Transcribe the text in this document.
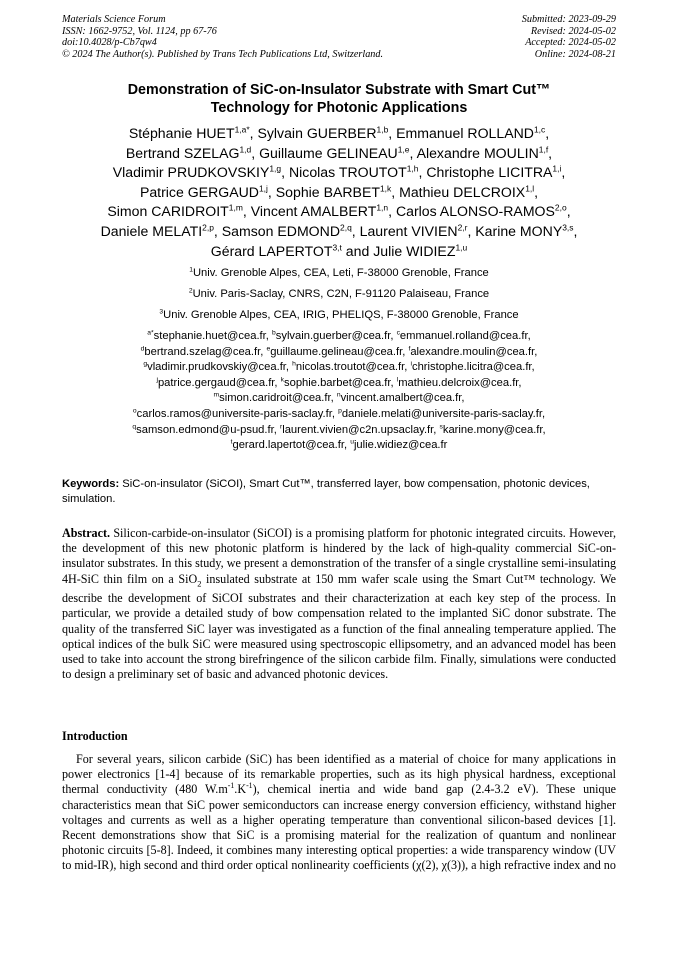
Materials Science Forum
ISSN: 1662-9752, Vol. 1124, pp 67-76
doi:10.4028/p-Cb7qw4
© 2024 The Author(s). Published by Trans Tech Publications Ltd, Switzerland.
Submitted: 2023-09-29
Revised: 2024-05-02
Accepted: 2024-05-02
Online: 2024-08-21
Demonstration of SiC-on-Insulator Substrate with Smart Cut™
Technology for Photonic Applications
Stéphanie $HUET^{1,a*}$, Sylvain GUERBER$^{1,b}$, Emmanuel ROLLAND$^{1,c}$,
Bertrand SZELAG$^{1,d}$, Guillaume GELINEAU$^{1,e}$, Alexandre MOULIN$^{1,f}$,
Vladimir PRUDKOVSKIY$^{1,g}$, Nicolas TROUTOT$^{1,h}$, Christophe LICITRA$^{1,i}$,
Patrice GERGAUD$^{1,j}$, Sophie BARBET$^{1,k}$, Mathieu DELCROIX$^{1,l}$,
Simon CARIDROIT$^{1,m}$, Vincent AMALBERT$^{1,n}$, Carlos ALONSO-RAMOS$^{2,o}$,
Daniele MELATI$^{2,p}$, Samson EDMOND$^{2,q}$, Laurent VIVIEN$^{2,r}$, Karine MONY$^{3,s}$,
Gérard LAPERTOT$^{3,t}$ and Julie WIDIEZ$^{1,u}$
$^1$Univ. Grenoble Alpes, CEA, Leti, F-38000 Grenoble, France
$^2$Univ. Paris-Saclay, CNRS, C2N, F-91120 Palaiseau, France
$^3$Univ. Grenoble Alpes, CEA, IRIG, PHELIQS, F-38000 Grenoble, France
$^{a*}$stephanie.huet@cea.fr, $^b$sylvain.guerber@cea.fr, $^c$emmanuel.rolland@cea.fr,
$^d$bertrand.szelag@cea.fr, $^e$guillaume.gelineau@cea.fr, $^f$alexandre.moulin@cea.fr,
$^g$vladimir.prudkovskiy@cea.fr, $^h$nicolas.troutot@cea.fr, $^i$christophe.licitra@cea.fr,
$^j$patrice.gergaud@cea.fr, $^k$sophie.barbet@cea.fr, $^l$mathieu.delcroix@cea.fr,
$^m$simon.caridroit@cea.fr, $^n$vincent.amalbert@cea.fr,
$^o$carlos.ramos@universite-paris-saclay.fr, $^p$daniele.melati@universite-paris-saclay.fr,
$^q$samson.edmond@u-psud.fr, $^r$laurent.vivien@c2n.upsaclay.fr, $^s$karine.mony@cea.fr,
$^t$gerard.lapertot@cea.fr, $^u$julie.widiez@cea.fr
Keywords: SiC-on-insulator (SiCOI), Smart Cut™, transferred layer, bow compensation, photonic devices, simulation.
Abstract. Silicon-carbide-on-insulator (SiCOI) is a promising platform for photonic integrated circuits. However, the development of this new photonic platform is hindered by the lack of high-quality commercial SiC-on-insulator substrates. In this study, we present a demonstration of the transfer of a single crystalline semi-insulating 4H-SiC thin film on a SiO$_2$ insulated substrate at 150 mm wafer scale using the Smart Cut™ technology. We describe the development of SiCOI substrates and their characterization at each key step of the process. In particular, we provide a detailed study of bow compensation related to the implanted SiC donor substrate. The quality of the transferred SiC layer was investigated as a function of the final annealing temperature applied. The optical indices of the bulk SiC were measured using spectroscopic ellipsometry, and an advanced model has been used to take into account the strong birefringence of the silicon carbide film. Finally, simulations were conducted to design a preliminary set of basic and advanced photonic devices.
Introduction
For several years, silicon carbide (SiC) has been identified as a material of choice for many applications in power electronics [1-4] because of its remarkable properties, such as its high physical hardness, exceptional thermal conductivity (480 $W.m^{-1}.K^{-1}$), chemical inertia and wide band gap (2.4-3.2 eV). These unique characteristics mean that SiC power semiconductors can increase energy conversion efficiency, withstand higher voltages and currents as well as a higher operating temperature than conventional silicon-based devices [1]. Recent demonstrations show that SiC is a promising material for the realization of quantum and nonlinear photonic circuits [5-8]. Indeed, it combines many interesting optical properties: a wide transparency window (UV to mid-IR), high second and third order optical nonlinearity coefficients (χ(2), χ(3)), a high refractive index and no
